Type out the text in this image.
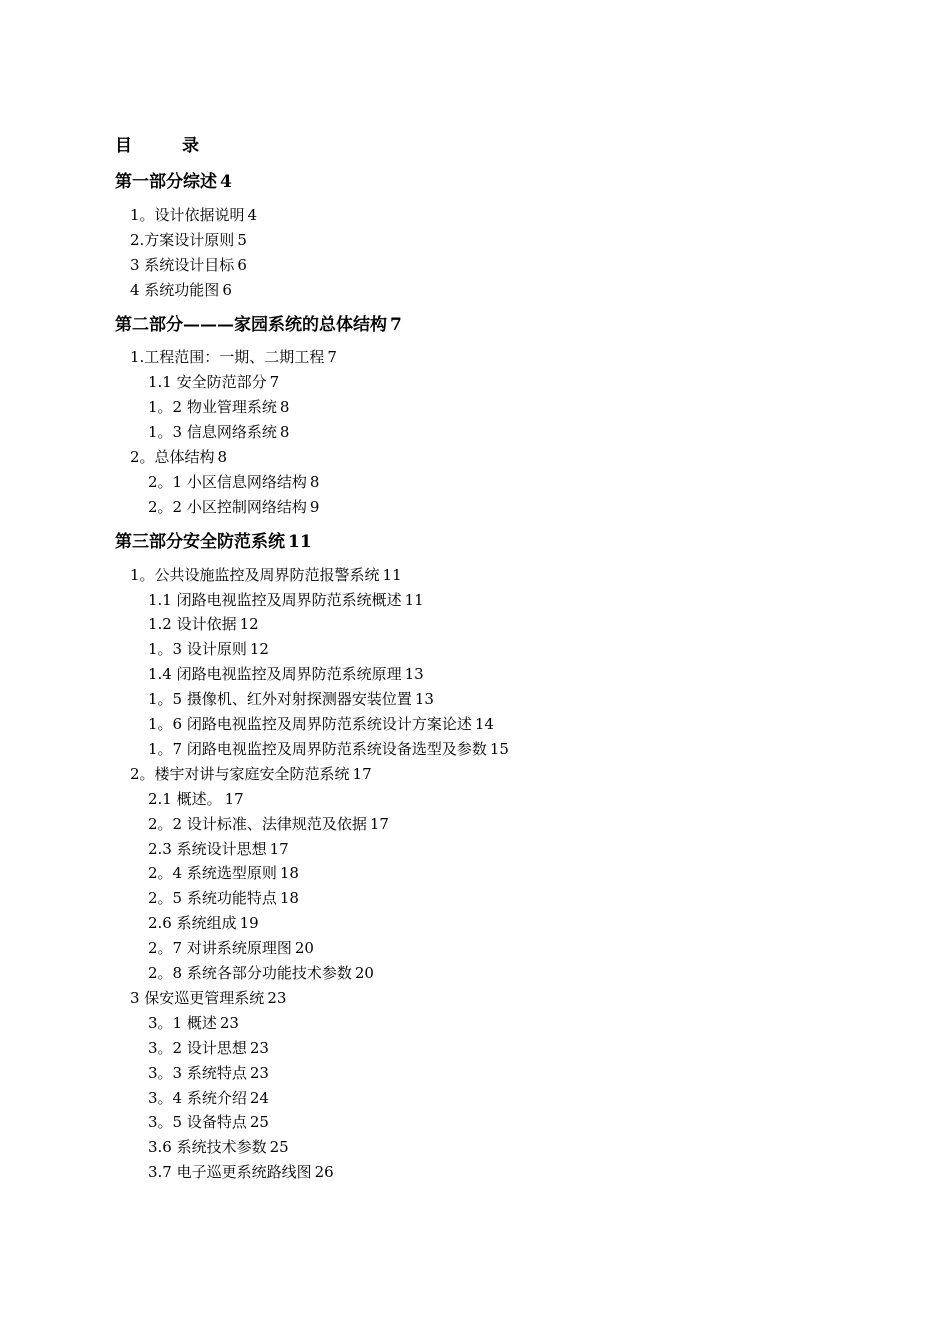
目	录
第一部分综述 4
1。设计依据说明 4
2.方案设计原则 5
3 系统设计目标 6
4 系统功能图 6
第二部分———家园系统的总体结构 7
1.工程范围：一期、二期工程 7
1.1 安全防范部分 7
1。2 物业管理系统 8
1。3 信息网络系统 8
2。总体结构 8
2。1 小区信息网络结构 8
2。2 小区控制网络结构 9
第三部分安全防范系统 11
1。公共设施监控及周界防范报警系统 11
1.1 闭路电视监控及周界防范系统概述 11
1.2 设计依据 12
1。3 设计原则 12
1.4 闭路电视监控及周界防范系统原理 13
1。5 摄像机、红外对射探测器安装位置 13
1。6 闭路电视监控及周界防范系统设计方案论述 14
1。7 闭路电视监控及周界防范系统设备选型及参数 15
2。楼宇对讲与家庭安全防范系统 17
2.1 概述。 17
2。2 设计标准、法律规范及依据 17
2.3 系统设计思想 17
2。4 系统选型原则 18
2。5 系统功能特点 18
2.6 系统组成 19
2。7 对讲系统原理图 20
2。8 系统各部分功能技术参数 20
3 保安巡更管理系统 23
3。1 概述 23
3。2 设计思想 23
3。3 系统特点 23
3。4 系统介绍 24
3。5 设备特点 25
3.6 系统技术参数 25
3.7 电子巡更系统路线图 26
